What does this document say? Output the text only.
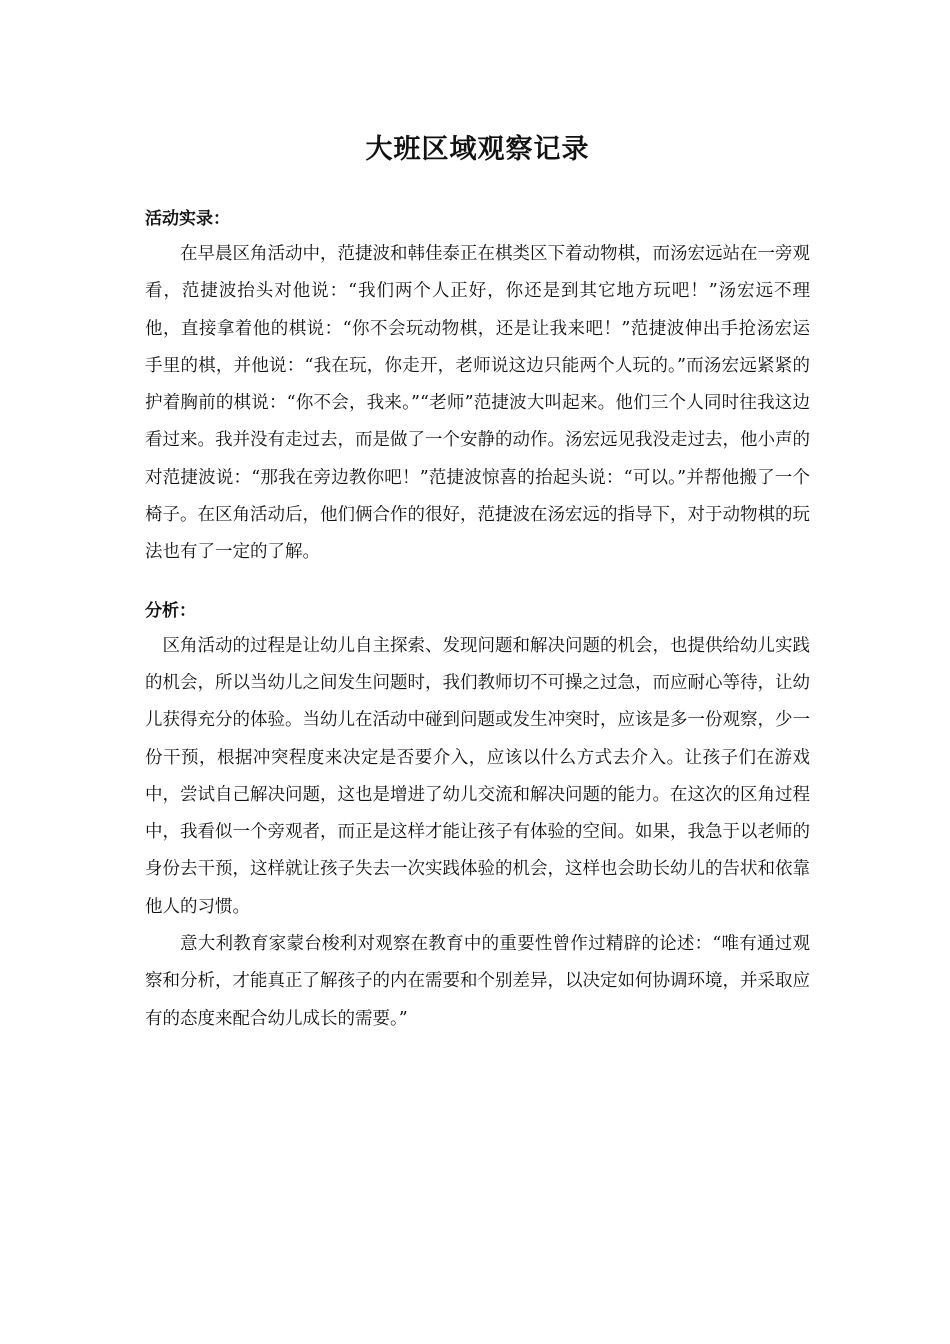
大班区域观察记录
活动实录：

在早晨区角活动中，范捷波和韩佳泰正在棋类区下着动物棋，而汤宏远站在一旁观看，范捷波抬头对他说：“我们两个人正好，你还是到其它地方玩吧！”汤宏远不理他，直接拿着他的棋说：“你不会玩动物棋，还是让我来吧！”范捷波伸出手抢汤宏运手里的棋，并他说：“我在玩，你走开，老师说这边只能两个人玩的。”而汤宏远紧紧的护着胸前的棋说：“你不会，我来。”“老师”范捷波大叫起来。他们三个人同时往我这边看过来。我并没有走过去，而是做了一个安静的动作。汤宏远见我没走过去，他小声的对范捷波说：“那我在旁边教你吧！”范捷波惊喜的抬起头说：“可以。”并帮他搬了一个椅子。在区角活动后，他们俩合作的很好，范捷波在汤宏远的指导下，对于动物棋的玩法也有了一定的了解。

分析：

区角活动的过程是让幼儿自主探索、发现问题和解决问题的机会，也提供给幼儿实践的机会，所以当幼儿之间发生问题时，我们教师切不可操之过急，而应耐心等待，让幼儿获得充分的体验。当幼儿在活动中碰到问题或发生冲突时，应该是多一份观察，少一份干预，根据冲突程度来决定是否要介入，应该以什么方式去介入。让孩子们在游戏中，尝试自己解决问题，这也是增进了幼儿交流和解决问题的能力。在这次的区角过程中，我看似一个旁观者，而正是这样才能让孩子有体验的空间。如果，我急于以老师的身份去干预，这样就让孩子失去一次实践体验的机会，这样也会助长幼儿的告状和依靠他人的习惯。

意大利教育家蒙台梭利对观察在教育中的重要性曾作过精辟的论述：“唯有通过观察和分析，才能真正了解孩子的内在需要和个别差异，以决定如何协调环境，并采取应有的态度来配合幼儿成长的需要。”
